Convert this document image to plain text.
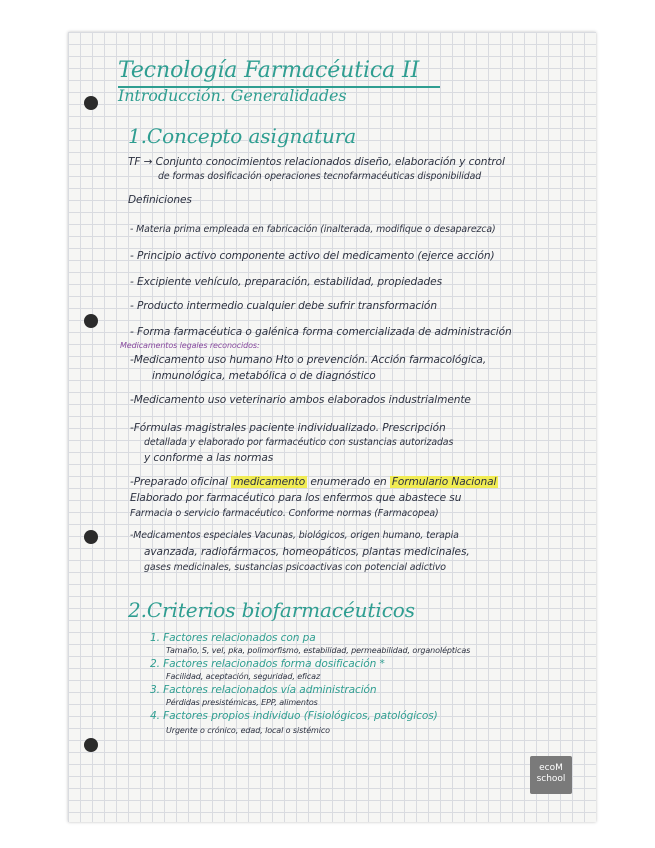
Tecnología Farmacéutica II
Introducción. Generalidades
1.Concepto asignatura
TF → Conjunto conocimientos relacionados diseño, elaboración y control
de formas dosificación operaciones tecnofarmacéuticas disponibilidad
Definiciones
- Materia prima empleada en fabricación (inalterada, modifique o desaparezca)
- Principio activo componente activo del medicamento (ejerce acción)
- Excipiente vehículo, preparación, estabilidad, propiedades
- Producto intermedio cualquier debe sufrir transformación
- Forma farmacéutica o galénica forma comercializada de administración
Medicamentos legales reconocidos:
-Medicamento uso humano Hto o prevención. Acción farmacológica,
inmunológica, metabólica o de diagnóstico
-Medicamento uso veterinario ambos elaborados industrialmente
-Fórmulas magistrales paciente individualizado. Prescripción
detallada y elaborado por farmacéutico con sustancias autorizadas
y conforme a las normas
-Preparado oficinal medicamento enumerado en Formulario Nacional
Elaborado por farmacéutico para los enfermos que abastece su
Farmacia o servicio farmacéutico. Conforme normas (Farmacopea)
-Medicamentos especiales Vacunas, biológicos, origen humano, terapia
avanzada, radiofármacos, homeopáticos, plantas medicinales,
gases medicinales, sustancias psicoactivas con potencial adictivo
2.Criterios biofarmacéuticos
1. Factores relacionados con pa
Tamaño, S, vel, pka, polimorfismo, estabilidad, permeabilidad, organolépticas
2. Factores relacionados forma dosificación *
Facilidad, aceptación, seguridad, eficaz
3. Factores relacionados vía administración
Pérdidas presistémicas, EPP, alimentos
4. Factores propios individuo (Fisiológicos, patológicos)
Urgente o crónico, edad, local o sistémico
ecoM
school
